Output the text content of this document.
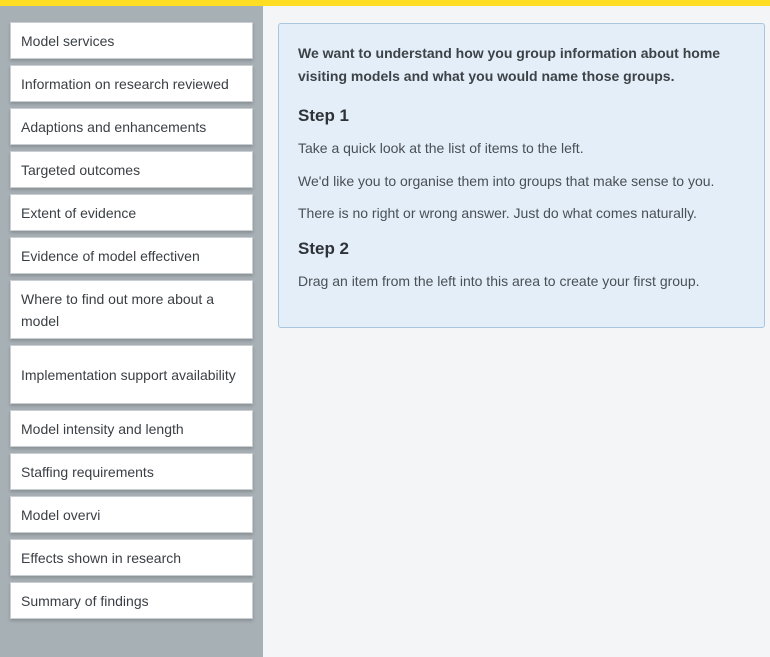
Model services
Information on research reviewed
Adaptions and enhancements
Targeted outcomes
Extent of evidence
Evidence of model effectiven
Where to find out more about a model
Implementation support availability
Model intensity and length
Staffing requirements
Model overvi
Effects shown in research
Summary of findings

We want to understand how you group information about home visiting models and what you would name those groups.

Step 1

Take a quick look at the list of items to the left.

We'd like you to organise them into groups that make sense to you.

There is no right or wrong answer. Just do what comes naturally.

Step 2

Drag an item from the left into this area to create your first group.
